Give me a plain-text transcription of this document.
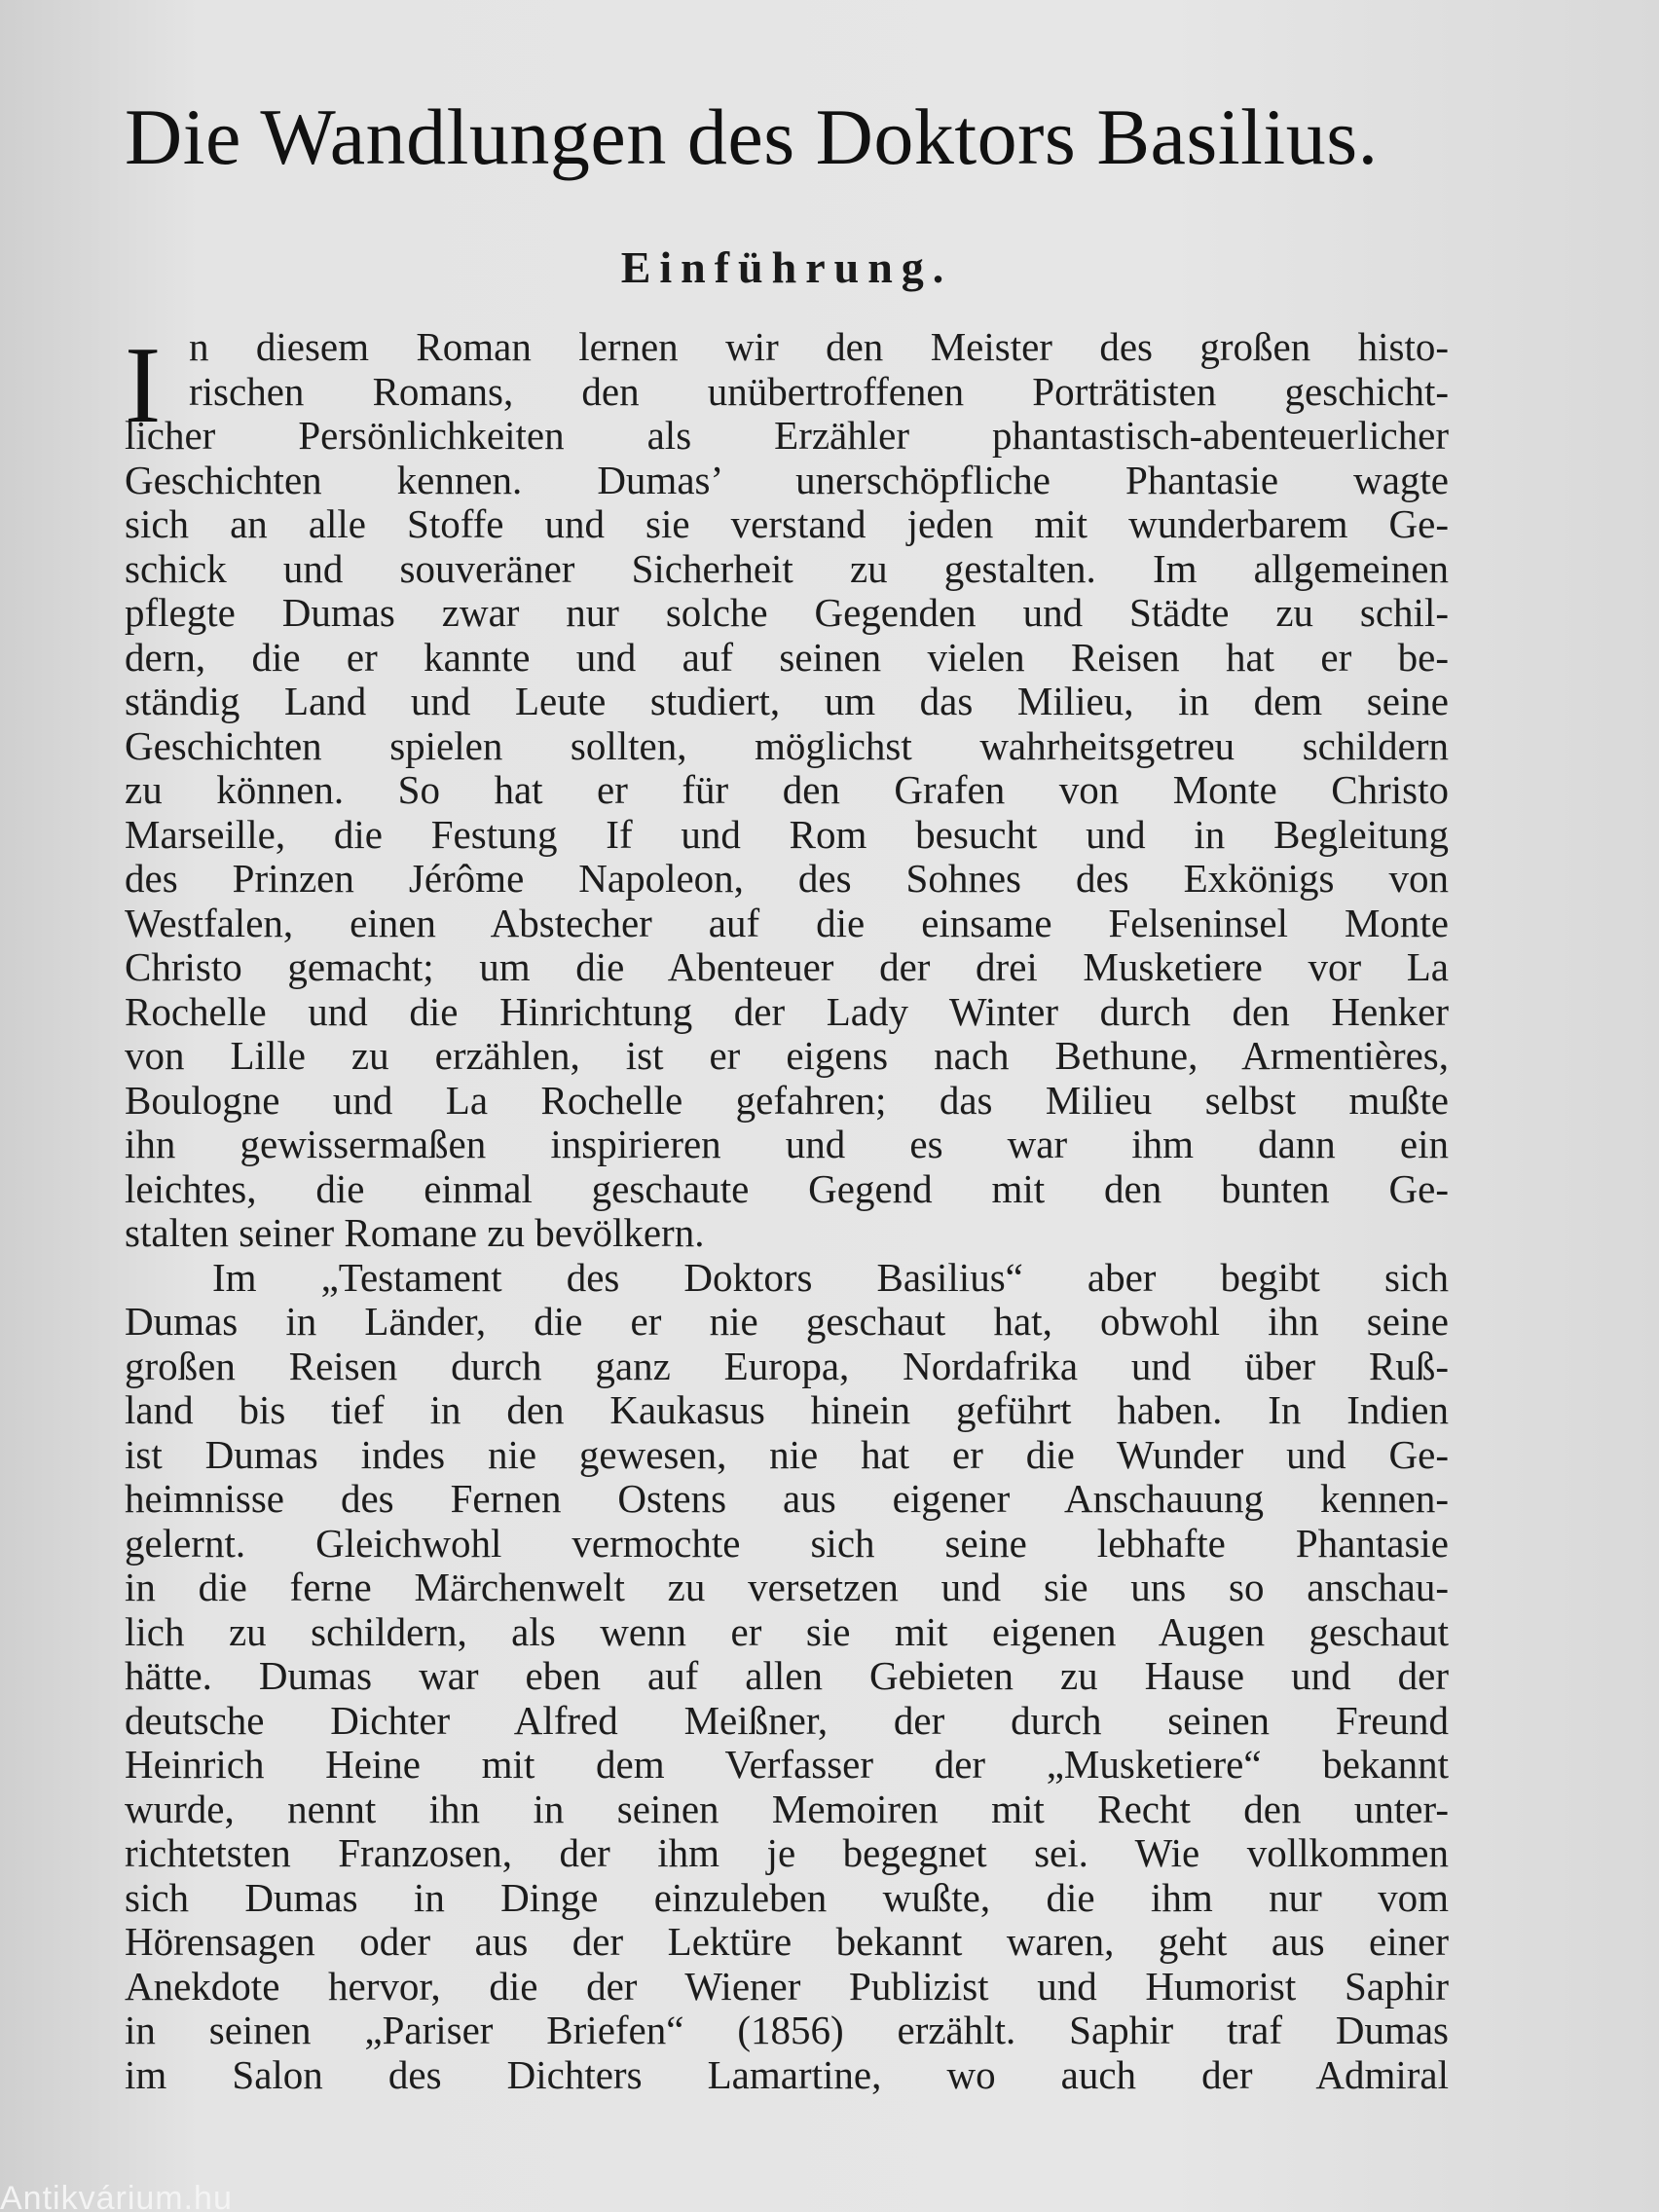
Die Wandlungen des Doktors Basilius.
Einführung.
I n diesem Roman lernen wir den Meister des großen histo-
rischen Romans, den unübertroffenen Porträtisten geschicht-
licher Persönlichkeiten als Erzähler phantastisch-abenteuerlicher
Geschichten kennen. Dumas’ unerschöpfliche Phantasie wagte
sich an alle Stoffe und sie verstand jeden mit wunderbarem Ge-
schick und souveräner Sicherheit zu gestalten. Im allgemeinen
pflegte Dumas zwar nur solche Gegenden und Städte zu schil-
dern, die er kannte und auf seinen vielen Reisen hat er be-
ständig Land und Leute studiert, um das Milieu, in dem seine
Geschichten spielen sollten, möglichst wahrheitsgetreu schildern
zu können. So hat er für den Grafen von Monte Christo
Marseille, die Festung If und Rom besucht und in Begleitung
des Prinzen Jérôme Napoleon, des Sohnes des Exkönigs von
Westfalen, einen Abstecher auf die einsame Felseninsel Monte
Christo gemacht; um die Abenteuer der drei Musketiere vor La
Rochelle und die Hinrichtung der Lady Winter durch den Henker
von Lille zu erzählen, ist er eigens nach Bethune, Armentières,
Boulogne und La Rochelle gefahren; das Milieu selbst mußte
ihn gewissermaßen inspirieren und es war ihm dann ein
leichtes, die einmal geschaute Gegend mit den bunten Ge-
stalten seiner Romane zu bevölkern.
Im „Testament des Doktors Basilius“ aber begibt sich
Dumas in Länder, die er nie geschaut hat, obwohl ihn seine
großen Reisen durch ganz Europa, Nordafrika und über Ruß-
land bis tief in den Kaukasus hinein geführt haben. In Indien
ist Dumas indes nie gewesen, nie hat er die Wunder und Ge-
heimnisse des Fernen Ostens aus eigener Anschauung kennen-
gelernt. Gleichwohl vermochte sich seine lebhafte Phantasie
in die ferne Märchenwelt zu versetzen und sie uns so anschau-
lich zu schildern, als wenn er sie mit eigenen Augen geschaut
hätte. Dumas war eben auf allen Gebieten zu Hause und der
deutsche Dichter Alfred Meißner, der durch seinen Freund
Heinrich Heine mit dem Verfasser der „Musketiere“ bekannt
wurde, nennt ihn in seinen Memoiren mit Recht den unter-
richtetsten Franzosen, der ihm je begegnet sei. Wie vollkommen
sich Dumas in Dinge einzuleben wußte, die ihm nur vom
Hörensagen oder aus der Lektüre bekannt waren, geht aus einer
Anekdote hervor, die der Wiener Publizist und Humorist Saphir
in seinen „Pariser Briefen“ (1856) erzählt. Saphir traf Dumas
im Salon des Dichters Lamartine, wo auch der Admiral
Antikvárium.hu
